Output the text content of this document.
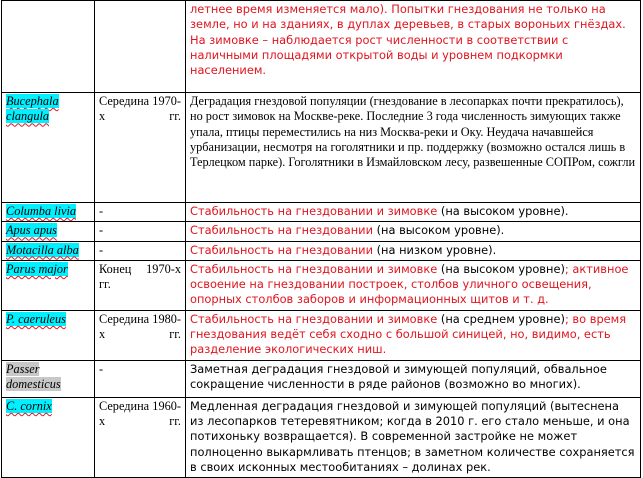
		летнее время изменяется мало). Попытки гнездования не только на земле, но и на зданиях, в дуплах деревьев, в старых вороньих гнёздах. На зимовке – наблюдается рост численности в соответствии с наличными площадями открытой воды и уровнем подкормки населением.
Bucephala clangula	Середина 1970-х гг.	Деградация гнездовой популяции (гнездование в лесопарках почти прекратилось), но рост зимовок на Москве-реке. Последние 3 года численность зимующих также упала, птицы переместились на низ Москва-реки и Оку. Неудача начавшейся урбанизации, несмотря на гоголятники и пр. поддержку (возможно остался лишь в Терлецком парке). Гоголятники в Измайловском лесу, развешенные СОПРом, сожгли
Columba livia	-	Стабильность на гнездовании и зимовке (на высоком уровне).
Apus apus	-	Стабильность на гнездовании (на высоком уровне).
Motacilla alba	-	Стабильность на гнездовании (на низком уровне).
Parus major	Конец 1970-х гг.	Стабильность на гнездовании и зимовке (на высоком уровне); активное освоение на гнездовании построек, столбов уличного освещения, опорных столбов заборов и информационных щитов и т. д.
P. caeruleus	Середина 1980-х гг.	Стабильность на гнездовании и зимовке (на среднем уровне); во время гнездования ведёт себя сходно с большой синицей, но, видимо, есть разделение экологических ниш.
Passer domesticus	-	Заметная деградация гнездовой и зимующей популяций, обвальное сокращение численности в ряде районов (возможно во многих).
C. cornix	Середина 1960-х гг.	Медленная деградация гнездовой и зимующей популяций (вытеснена из лесопарков тетеревятником; когда в 2010 г. его стало меньше, и она потихоньку возвращается). В современной застройке не может полноценно выкармливать птенцов; в заметном количестве сохраняется в своих исконных местообитаниях – долинах рек.
